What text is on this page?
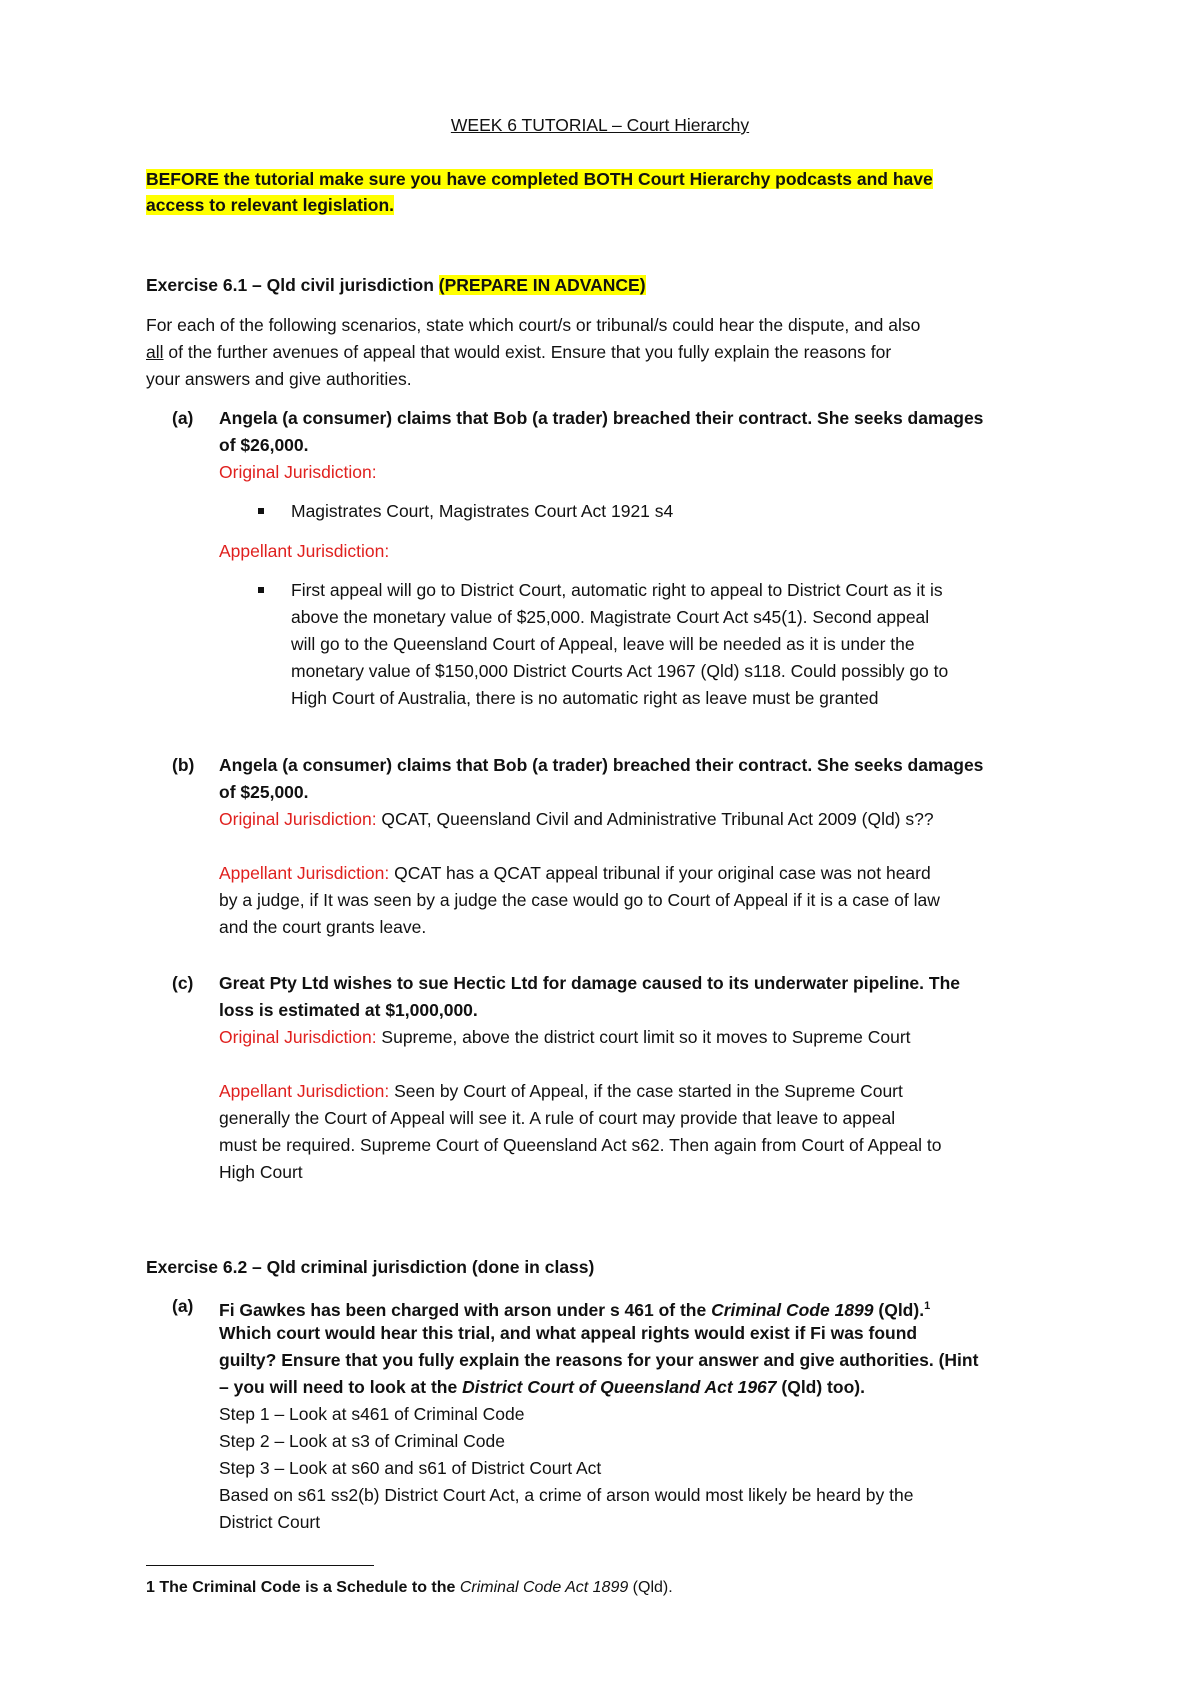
WEEK 6 TUTORIAL – Court Hierarchy
BEFORE the tutorial make sure you have completed BOTH Court Hierarchy podcasts and have
access to relevant legislation.
Exercise 6.1 – Qld civil jurisdiction (PREPARE IN ADVANCE)
For each of the following scenarios, state which court/s or tribunal/s could hear the dispute, and also
all of the further avenues of appeal that would exist. Ensure that you fully explain the reasons for
your answers and give authorities.
(a) Angela (a consumer) claims that Bob (a trader) breached their contract. She seeks damages
of $26,000.
Original Jurisdiction:
Magistrates Court, Magistrates Court Act 1921 s4
Appellant Jurisdiction:
First appeal will go to District Court, automatic right to appeal to District Court as it is
above the monetary value of $25,000. Magistrate Court Act s45(1). Second appeal
will go to the Queensland Court of Appeal, leave will be needed as it is under the
monetary value of $150,000 District Courts Act 1967 (Qld) s118. Could possibly go to
High Court of Australia, there is no automatic right as leave must be granted
(b) Angela (a consumer) claims that Bob (a trader) breached their contract. She seeks damages
of $25,000.
Original Jurisdiction: QCAT, Queensland Civil and Administrative Tribunal Act 2009 (Qld) s??
Appellant Jurisdiction: QCAT has a QCAT appeal tribunal if your original case was not heard
by a judge, if It was seen by a judge the case would go to Court of Appeal if it is a case of law
and the court grants leave.
(c) Great Pty Ltd wishes to sue Hectic Ltd for damage caused to its underwater pipeline. The
loss is estimated at $1,000,000.
Original Jurisdiction: Supreme, above the district court limit so it moves to Supreme Court
Appellant Jurisdiction: Seen by Court of Appeal, if the case started in the Supreme Court
generally the Court of Appeal will see it. A rule of court may provide that leave to appeal
must be required. Supreme Court of Queensland Act s62. Then again from Court of Appeal to
High Court
Exercise 6.2 – Qld criminal jurisdiction (done in class)
(a) Fi Gawkes has been charged with arson under s 461 of the Criminal Code 1899 (Qld).$^1$
Which court would hear this trial, and what appeal rights would exist if Fi was found
guilty? Ensure that you fully explain the reasons for your answer and give authorities. (Hint
– you will need to look at the District Court of Queensland Act 1967 (Qld) too).
Step 1 – Look at s461 of Criminal Code
Step 2 – Look at s3 of Criminal Code
Step 3 – Look at s60 and s61 of District Court Act
Based on s61 ss2(b) District Court Act, a crime of arson would most likely be heard by the
District Court
1 The Criminal Code is a Schedule to the Criminal Code Act 1899 (Qld).
